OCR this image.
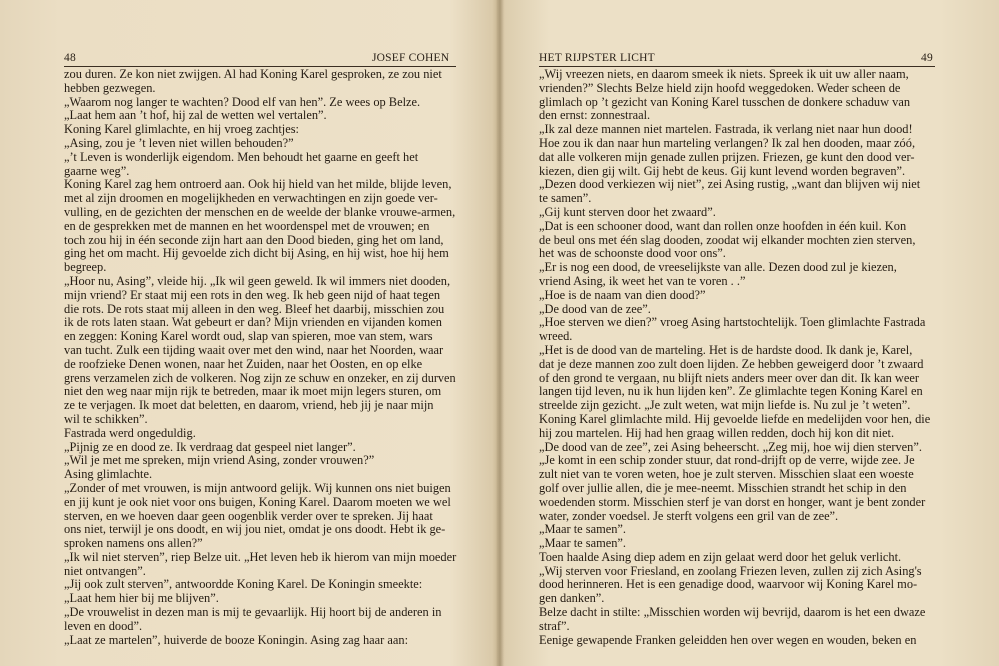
48	JOSEF COHEN
zou duren. Ze kon niet zwijgen. Al had Koning Karel gesproken, ze zou niet
hebben gezwegen.
„Waarom nog langer te wachten? Dood elf van hen”. Ze wees op Belze.
„Laat hem aan ’t hof, hij zal de wetten wel vertalen”.
Koning Karel glimlachte, en hij vroeg zachtjes:
„Asing, zou je ’t leven niet willen behouden?”
„’t Leven is wonderlijk eigendom. Men behoudt het gaarne en geeft het
gaarne weg”.
Koning Karel zag hem ontroerd aan. Ook hij hield van het milde, blijde leven,
met al zijn droomen en mogelijkheden en verwachtingen en zijn goede ver-
vulling, en de gezichten der menschen en de weelde der blanke vrouwe-armen,
en de gesprekken met de mannen en het woordenspel met de vrouwen; en
toch zou hij in één seconde zijn hart aan den Dood bieden, ging het om land,
ging het om macht. Hij gevoelde zich dicht bij Asing, en hij wist, hoe hij hem
begreep.
„Hoor nu, Asing”, vleide hij. „Ik wil geen geweld. Ik wil immers niet dooden,
mijn vriend? Er staat mij een rots in den weg. Ik heb geen nijd of haat tegen
die rots. De rots staat mij alleen in den weg. Bleef het daarbij, misschien zou
ik de rots laten staan. Wat gebeurt er dan? Mijn vrienden en vijanden komen
en zeggen: Koning Karel wordt oud, slap van spieren, moe van stem, wars
van tucht. Zulk een tijding waait over met den wind, naar het Noorden, waar
de roofzieke Denen wonen, naar het Zuiden, naar het Oosten, en op elke
grens verzamelen zich de volkeren. Nog zijn ze schuw en onzeker, en zij durven
niet den weg naar mijn rijk te betreden, maar ik moet mijn legers sturen, om
ze te verjagen. Ik moet dat beletten, en daarom, vriend, heb jij je naar mijn
wil te schikken”.
Fastrada werd ongeduldig.
„Pijnig ze en dood ze. Ik verdraag dat gespeel niet langer”.
„Wil je met me spreken, mijn vriend Asing, zonder vrouwen?”
Asing glimlachte.
„Zonder of met vrouwen, is mijn antwoord gelijk. Wij kunnen ons niet buigen
en jij kunt je ook niet voor ons buigen, Koning Karel. Daarom moeten we wel
sterven, en we hoeven daar geen oogenblik verder over te spreken. Jij haat
ons niet, terwijl je ons doodt, en wij jou niet, omdat je ons doodt. Hebt ik ge-
sproken namens ons allen?”
„Ik wil niet sterven”, riep Belze uit. „Het leven heb ik hierom van mijn moeder
niet ontvangen”.
„Jij ook zult sterven”, antwoordde Koning Karel. De Koningin smeekte:
„Laat hem hier bij me blijven”.
„De vrouwelist in dezen man is mij te gevaarlijk. Hij hoort bij de anderen in
leven en dood”.
„Laat ze martelen”, huiverde de booze Koningin. Asing zag haar aan:
HET RIJPSTER LICHT	49
„Wij vreezen niets, en daarom smeek ik niets. Spreek ik uit uw aller naam,
vrienden?” Slechts Belze hield zijn hoofd weggedoken. Weder scheen de
glimlach op ’t gezicht van Koning Karel tusschen de donkere schaduw van
den ernst: zonnestraal.
„Ik zal deze mannen niet martelen. Fastrada, ik verlang niet naar hun dood!
Hoe zou ik dan naar hun marteling verlangen? Ik zal hen dooden, maar zóó,
dat alle volkeren mijn genade zullen prijzen. Friezen, ge kunt den dood ver-
kiezen, dien gij wilt. Gij hebt de keus. Gij kunt levend worden begraven”.
„Dezen dood verkiezen wij niet”, zei Asing rustig, „want dan blijven wij niet
te samen”.
„Gij kunt sterven door het zwaard”.
„Dat is een schooner dood, want dan rollen onze hoofden in één kuil. Kon
de beul ons met één slag dooden, zoodat wij elkander mochten zien sterven,
het was de schoonste dood voor ons”.
„Er is nog een dood, de vreeselijkste van alle. Dezen dood zul je kiezen,
vriend Asing, ik weet het van te voren . .”
„Hoe is de naam van dien dood?”
„De dood van de zee”.
„Hoe sterven we dien?” vroeg Asing hartstochtelijk. Toen glimlachte Fastrada
wreed.
„Het is de dood van de marteling. Het is de hardste dood. Ik dank je, Karel,
dat je deze mannen zoo zult doen lijden. Ze hebben geweigerd door ’t zwaard
of den grond te vergaan, nu blijft niets anders meer over dan dit. Ik kan weer
langen tijd leven, nu ik hun lijden ken”. Ze glimlachte tegen Koning Karel en
streelde zijn gezicht. „Je zult weten, wat mijn liefde is. Nu zul je ’t weten”.
Koning Karel glimlachte mild. Hij gevoelde liefde en medelijden voor hen, die
hij zou martelen. Hij had hen graag willen redden, doch hij kon dit niet.
„De dood van de zee”, zei Asing beheerscht. „Zeg mij, hoe wij dien sterven”.
„Je komt in een schip zonder stuur, dat rond-drijft op de verre, wijde zee. Je
zult niet van te voren weten, hoe je zult sterven. Misschien slaat een woeste
golf over jullie allen, die je mee-neemt. Misschien strandt het schip in den
woedenden storm. Misschien sterf je van dorst en honger, want je bent zonder
water, zonder voedsel. Je sterft volgens een gril van de zee”.
„Maar te samen”.
„Maar te samen”.
Toen haalde Asing diep adem en zijn gelaat werd door het geluk verlicht.
„Wij sterven voor Friesland, en zoolang Friezen leven, zullen zij zich Asing's
dood herinneren. Het is een genadige dood, waarvoor wij Koning Karel mo-
gen danken”.
Belze dacht in stilte: „Misschien worden wij bevrijd, daarom is het een dwaze
straf”.
Eenige gewapende Franken geleidden hen over wegen en wouden, beken en
